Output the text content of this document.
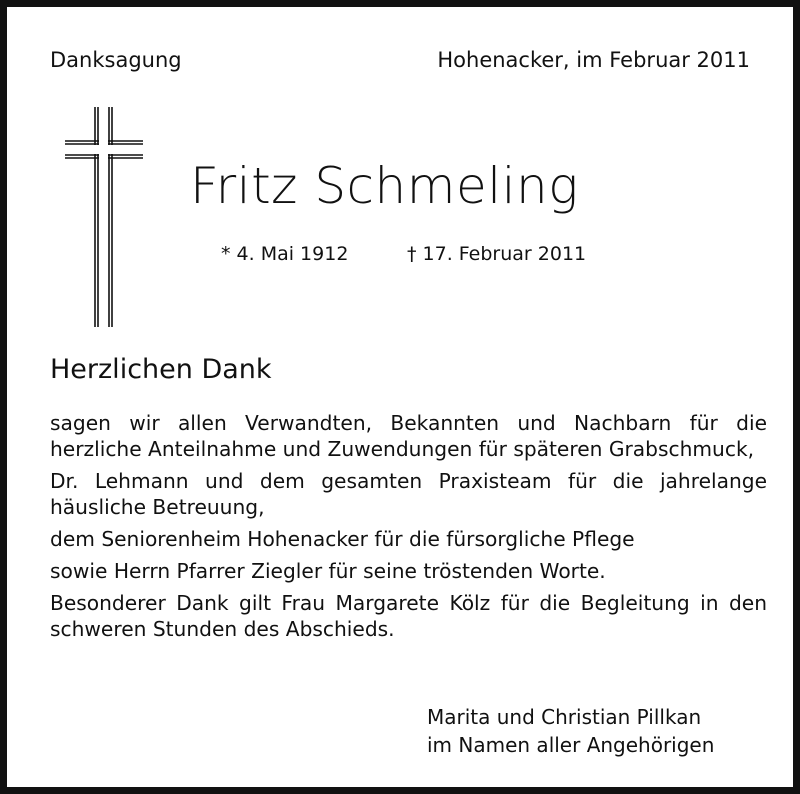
Danksagung	Hohenacker, im Februar 2011
Fritz Schmeling
* 4. Mai 1912	† 17. Februar 2011
Herzlichen Dank

sagen wir allen Verwandten, Bekannten und Nachbarn für die herzliche Anteilnahme und Zuwendungen für späteren Grabschmuck,

Dr. Lehmann und dem gesamten Praxisteam für die jahrelange häusliche Betreuung,

dem Seniorenheim Hohenacker für die fürsorgliche Pflege

sowie Herrn Pfarrer Ziegler für seine tröstenden Worte.

Besonderer Dank gilt Frau Margarete Kölz für die Begleitung in den schweren Stunden des Abschieds.

Marita und Christian Pillkan
im Namen aller Angehörigen
